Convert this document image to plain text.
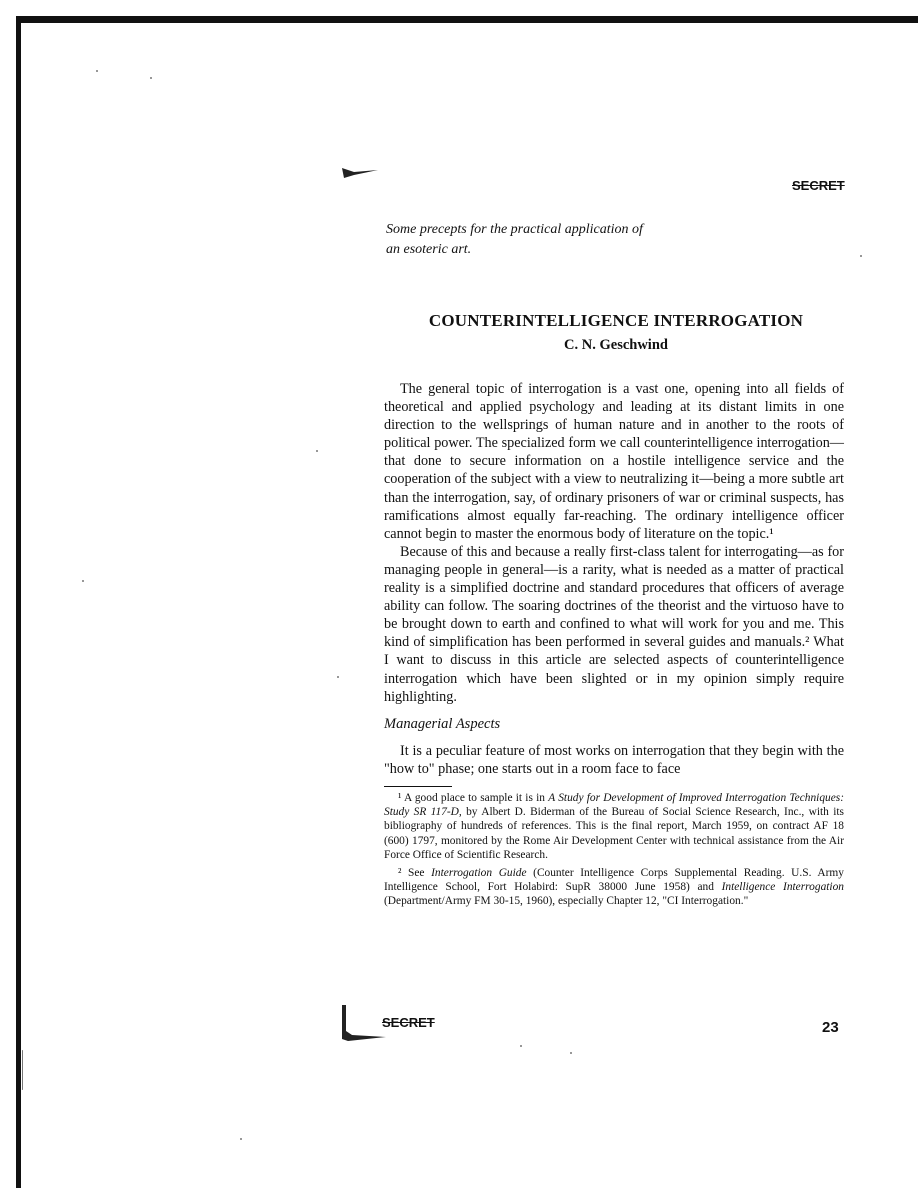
SECRET
Some precepts for the practical application of an esoteric art.
COUNTERINTELLIGENCE INTERROGATION
C. N. Geschwind

The general topic of interrogation is a vast one, opening into all fields of theoretical and applied psychology and leading at its distant limits in one direction to the wellsprings of human nature and in another to the roots of political power. The specialized form we call counterintelligence interrogation—that done to secure information on a hostile intelligence service and the cooperation of the subject with a view to neutralizing it—being a more subtle art than the interrogation, say, of ordinary prisoners of war or criminal suspects, has ramifications almost equally far-reaching. The ordinary intelligence officer cannot begin to master the enormous body of literature on the topic.¹

Because of this and because a really first-class talent for interrogating—as for managing people in general—is a rarity, what is needed as a matter of practical reality is a simplified doctrine and standard procedures that officers of average ability can follow. The soaring doctrines of the theorist and the virtuoso have to be brought down to earth and confined to what will work for you and me. This kind of simplification has been performed in several guides and manuals.² What I want to discuss in this article are selected aspects of counterintelligence interrogation which have been slighted or in my opinion simply require highlighting.

Managerial Aspects

It is a peculiar feature of most works on interrogation that they begin with the "how to" phase; one starts out in a room face to face

¹ A good place to sample it is in A Study for Development of Improved Interrogation Techniques: Study SR 117-D, by Albert D. Biderman of the Bureau of Social Science Research, Inc., with its bibliography of hundreds of references. This is the final report, March 1959, on contract AF 18 (600) 1797, monitored by the Rome Air Development Center with technical assistance from the Air Force Office of Scientific Research.

² See Interrogation Guide (Counter Intelligence Corps Supplemental Reading. U.S. Army Intelligence School, Fort Holabird: SupR 38000 June 1958) and Intelligence Interrogation (Department/Army FM 30-15, 1960), especially Chapter 12, "CI Interrogation."

SECRET	23
